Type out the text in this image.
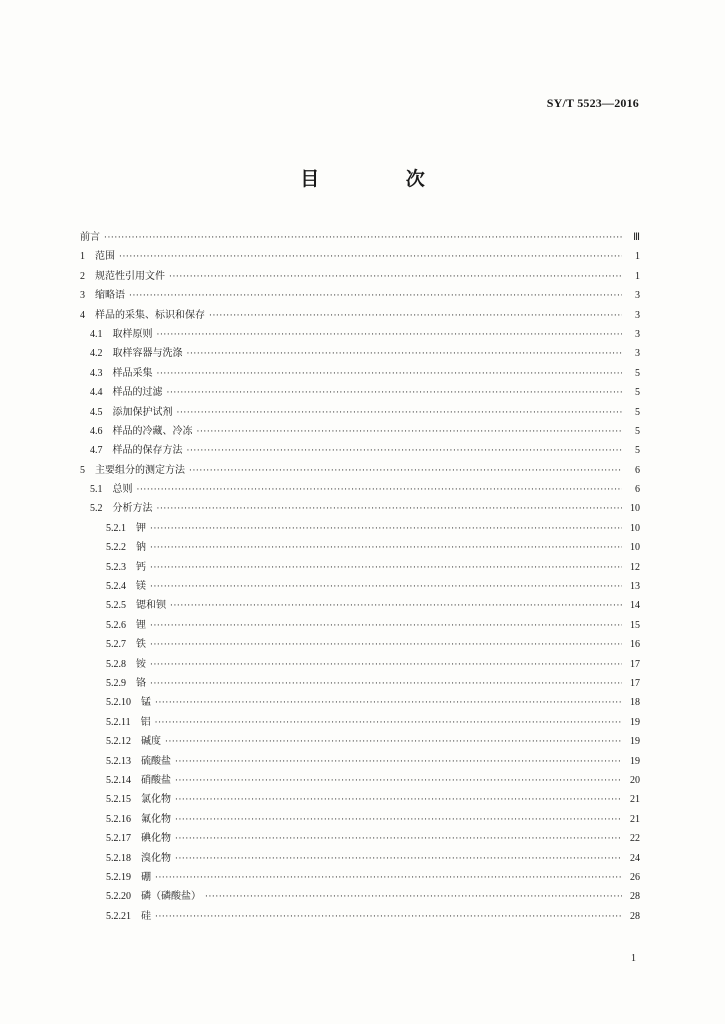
SY/T 5523—2016
目 次
前言 ·····	Ⅲ
1 范围 ·····	1
2 规范性引用文件 ·····	1
3 缩略语 ·····	3
4 样品的采集、标识和保存 ·····	3
4.1 取样原则 ·····	3
4.2 取样容器与洗涤 ·····	3
4.3 样品采集 ·····	5
4.4 样品的过滤 ·····	5
4.5 添加保护试剂 ·····	5
4.6 样品的冷藏、冷冻 ·····	5
4.7 样品的保存方法 ·····	5
5 主要组分的测定方法 ·····	6
5.1 总则 ·····	6
5.2 分析方法 ·····	10
5.2.1 钾 ·····	10
5.2.2 钠 ·····	10
5.2.3 钙 ·····	12
5.2.4 镁 ·····	13
5.2.5 锶和钡 ·····	14
5.2.6 锂 ·····	15
5.2.7 铁 ·····	16
5.2.8 铵 ·····	17
5.2.9 铬 ·····	17
5.2.10 锰 ·····	18
5.2.11 铝 ·····	19
5.2.12 碱度 ·····	19
5.2.13 硫酸盐 ·····	19
5.2.14 硝酸盐 ·····	20
5.2.15 氯化物 ·····	21
5.2.16 氟化物 ·····	21
5.2.17 碘化物 ·····	22
5.2.18 溴化物 ·····	24
5.2.19 硼 ·····	26
5.2.20 磷（磷酸盐） ·····	28
5.2.21 硅 ·····	28
1
